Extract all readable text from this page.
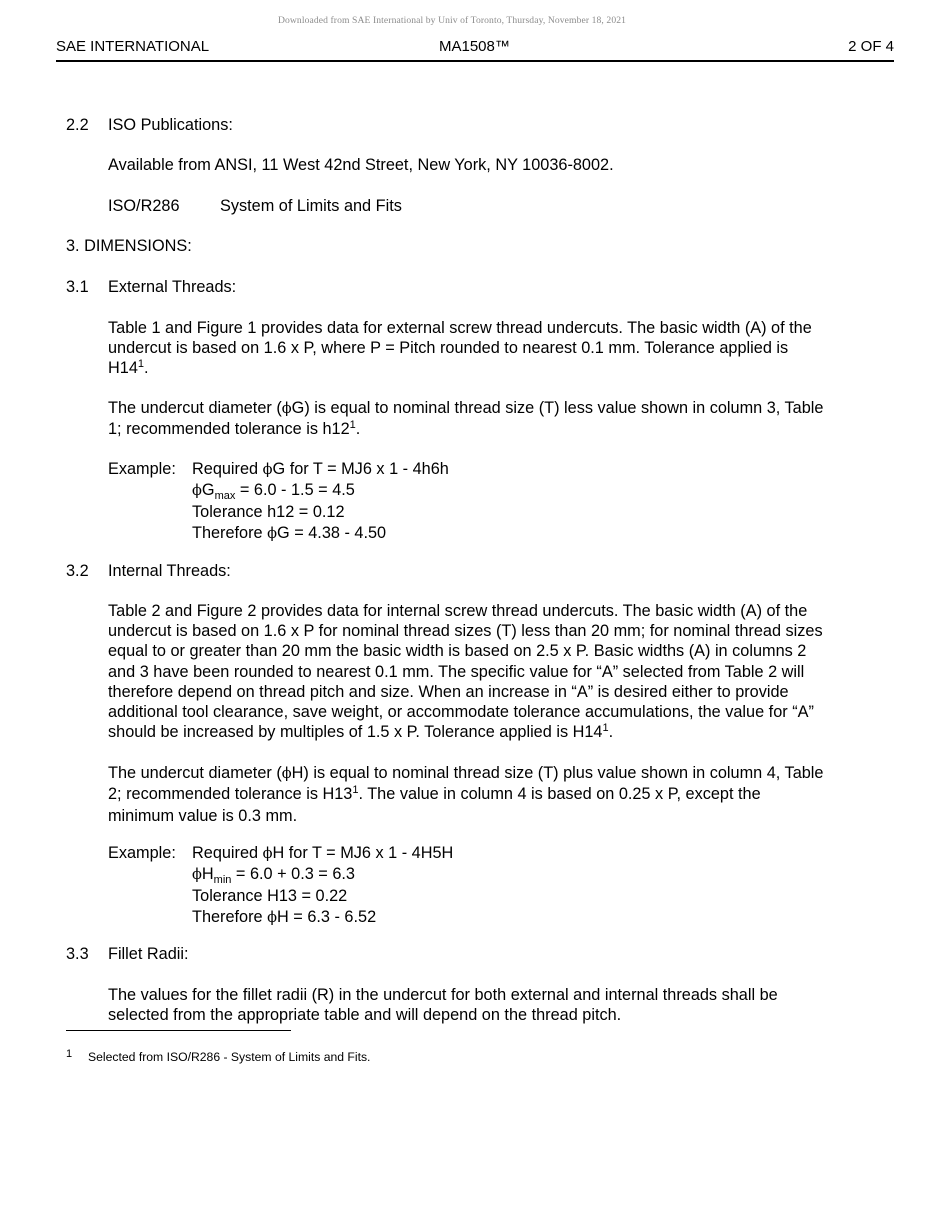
Downloaded from SAE International by Univ of Toronto, Thursday, November 18, 2021
SAE INTERNATIONAL	MA1508™	2 OF 4
2.2 ISO Publications:
Available from ANSI, 11 West 42nd Street, New York, NY 10036-8002.
ISO/R286 System of Limits and Fits
3. DIMENSIONS:
3.1 External Threads:
Table 1 and Figure 1 provides data for external screw thread undercuts. The basic width (A) of the
undercut is based on 1.6 x P, where P = Pitch rounded to nearest 0.1 mm. Tolerance applied is
H14$^1$.
The undercut diameter (ϕG) is equal to nominal thread size (T) less value shown in column 3, Table
1; recommended tolerance is h12$^1$.
Example: Required ϕG for T = MJ6 x 1 - 4h6h
$\phi G_{max} = 6.0 - 1.5 = 4.5$
Tolerance h12 = 0.12
Therefore ϕG = 4.38 - 4.50
3.2 Internal Threads:
Table 2 and Figure 2 provides data for internal screw thread undercuts. The basic width (A) of the
undercut is based on 1.6 x P for nominal thread sizes (T) less than 20 mm; for nominal thread sizes
equal to or greater than 20 mm the basic width is based on 2.5 x P. Basic widths (A) in columns 2
and 3 have been rounded to nearest 0.1 mm. The specific value for “A” selected from Table 2 will
therefore depend on thread pitch and size. When an increase in “A” is desired either to provide
additional tool clearance, save weight, or accommodate tolerance accumulations, the value for “A”
should be increased by multiples of 1.5 x P. Tolerance applied is H14$^1$.
The undercut diameter (ϕH) is equal to nominal thread size (T) plus value shown in column 4, Table
2; recommended tolerance is H13$^1$. The value in column 4 is based on 0.25 x P, except the
minimum value is 0.3 mm.
Example: Required ϕH for T = MJ6 x 1 - 4H5H
$\phi H_{min} = 6.0 + 0.3 = 6.3$
Tolerance H13 = 0.22
Therefore ϕH = 6.3 - 6.52
3.3 Fillet Radii:
The values for the fillet radii (R) in the undercut for both external and internal threads shall be
selected from the appropriate table and will depend on the thread pitch.
1 Selected from ISO/R286 - System of Limits and Fits.
